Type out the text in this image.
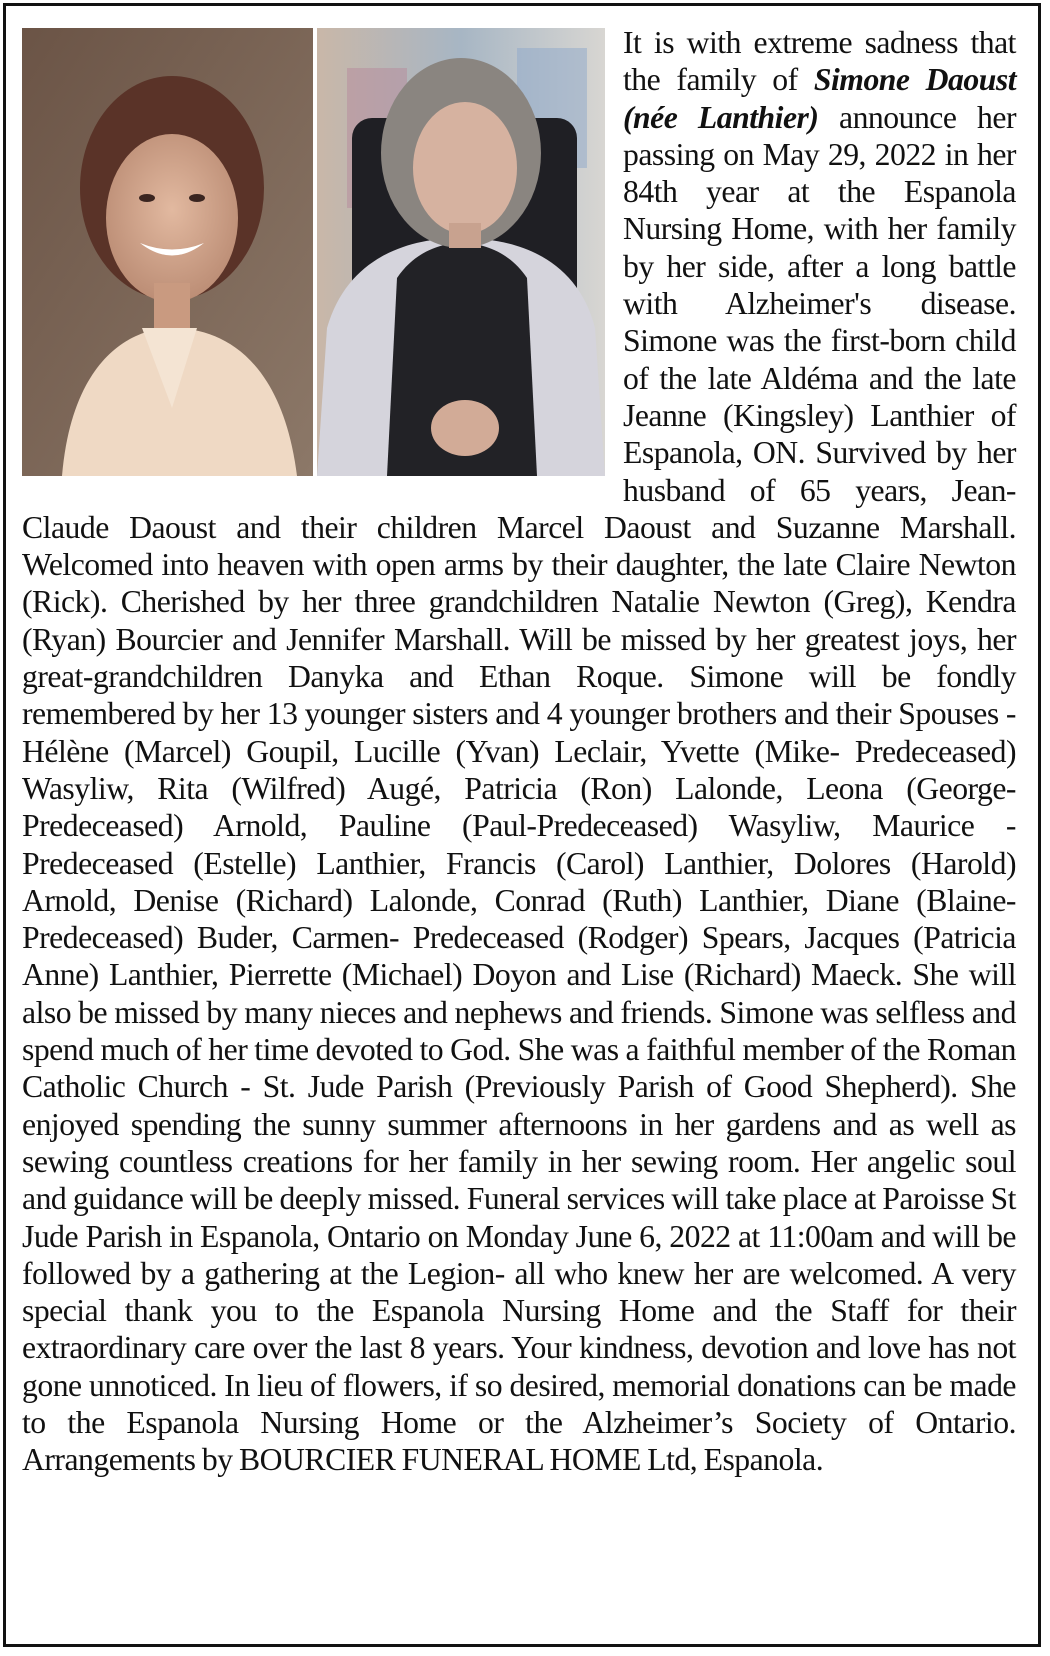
It is with extreme sadness that the family of Simone Daoust (née Lanthier) announce her passing on May 29, 2022 in her 84th year at the Espanola Nursing Home, with her family by her side, after a long battle with Alzheimer's disease. Simone was the first-born child of the late Aldéma and the late Jeanne (Kingsley) Lanthier of Espanola, ON. Survived by her husband of 65 years, Jean-Claude Daoust and their children Marcel Daoust and Suzanne Marshall. Welcomed into heaven with open arms by their daughter, the late Claire Newton (Rick). Cherished by her three grandchildren Natalie Newton (Greg), Kendra (Ryan) Bourcier and Jennifer Marshall. Will be missed by her greatest joys, her great-grandchildren Danyka and Ethan Roque. Simone will be fondly remembered by her 13 younger sisters and 4 younger brothers and their Spouses - Hélène (Marcel) Goupil, Lucille (Yvan) Leclair, Yvette (Mike- Predeceased) Wasyliw, Rita (Wilfred) Augé, Patricia (Ron) Lalonde, Leona (George- Predeceased) Arnold, Pauline (Paul-Predeceased) Wasyliw, Maurice - Predeceased (Estelle) Lanthier, Francis (Carol) Lanthier, Dolores (Harold) Arnold, Denise (Richard) Lalonde, Conrad (Ruth) Lanthier, Diane (Blaine-Predeceased) Buder, Carmen- Predeceased (Rodger) Spears, Jacques (Patricia Anne) Lanthier, Pierrette (Michael) Doyon and Lise (Richard) Maeck. She will also be missed by many nieces and nephews and friends. Simone was selfless and spend much of her time devoted to God. She was a faithful member of the Roman Catholic Church - St. Jude Parish (Previously Parish of Good Shepherd). She enjoyed spending the sunny summer afternoons in her gardens and as well as sewing countless creations for her family in her sewing room. Her angelic soul and guidance will be deeply missed. Funeral services will take place at Paroisse St Jude Parish in Espanola, Ontario on Monday June 6, 2022 at 11:00am and will be followed by a gathering at the Legion- all who knew her are welcomed. A very special thank you to the Espanola Nursing Home and the Staff for their extraordinary care over the last 8 years. Your kindness, devotion and love has not gone unnoticed. In lieu of flowers, if so desired, memorial donations can be made to the Espanola Nursing Home or the Alzheimer’s Society of Ontario. Arrangements by BOURCIER FUNERAL HOME Ltd, Espanola.
